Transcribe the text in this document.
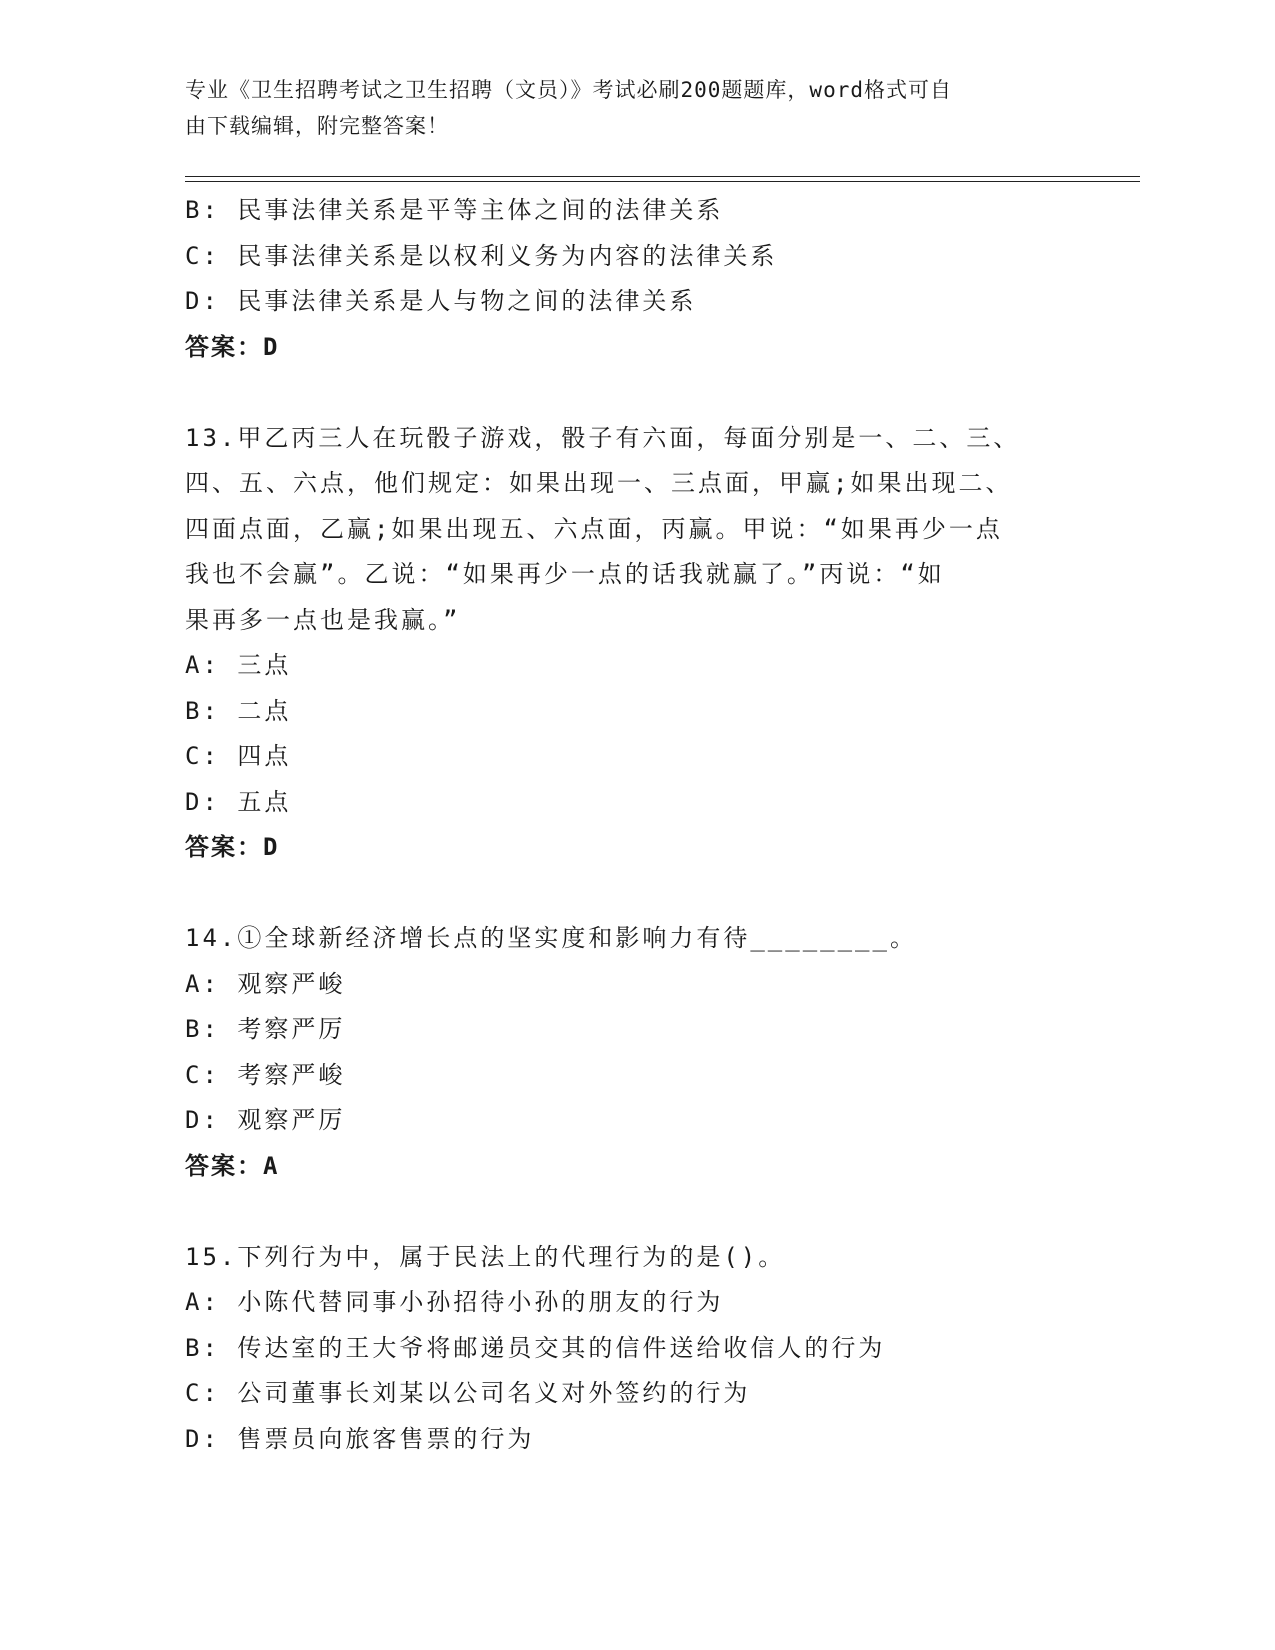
专业《卫生招聘考试之卫生招聘（文员）》考试必刷200题题库，word格式可自
由下载编辑，附完整答案！
B: 民事法律关系是平等主体之间的法律关系
C: 民事法律关系是以权利义务为内容的法律关系
D: 民事法律关系是人与物之间的法律关系
答案：D
13.甲乙丙三人在玩骰子游戏，骰子有六面，每面分别是一、二、三、
四、五、六点，他们规定：如果出现一、三点面，甲赢;如果出现二、
四面点面，乙赢;如果出现五、六点面，丙赢。甲说：“如果再少一点
我也不会赢”。乙说：“如果再少一点的话我就赢了。”丙说：“如
果再多一点也是我赢。”
A: 三点
B: 二点
C: 四点
D: 五点
答案：D
14.①全球新经济增长点的坚实度和影响力有待________。
A: 观察严峻
B: 考察严厉
C: 考察严峻
D: 观察严厉
答案：A
15.下列行为中，属于民法上的代理行为的是()。
A: 小陈代替同事小孙招待小孙的朋友的行为
B: 传达室的王大爷将邮递员交其的信件送给收信人的行为
C: 公司董事长刘某以公司名义对外签约的行为
D: 售票员向旅客售票的行为
